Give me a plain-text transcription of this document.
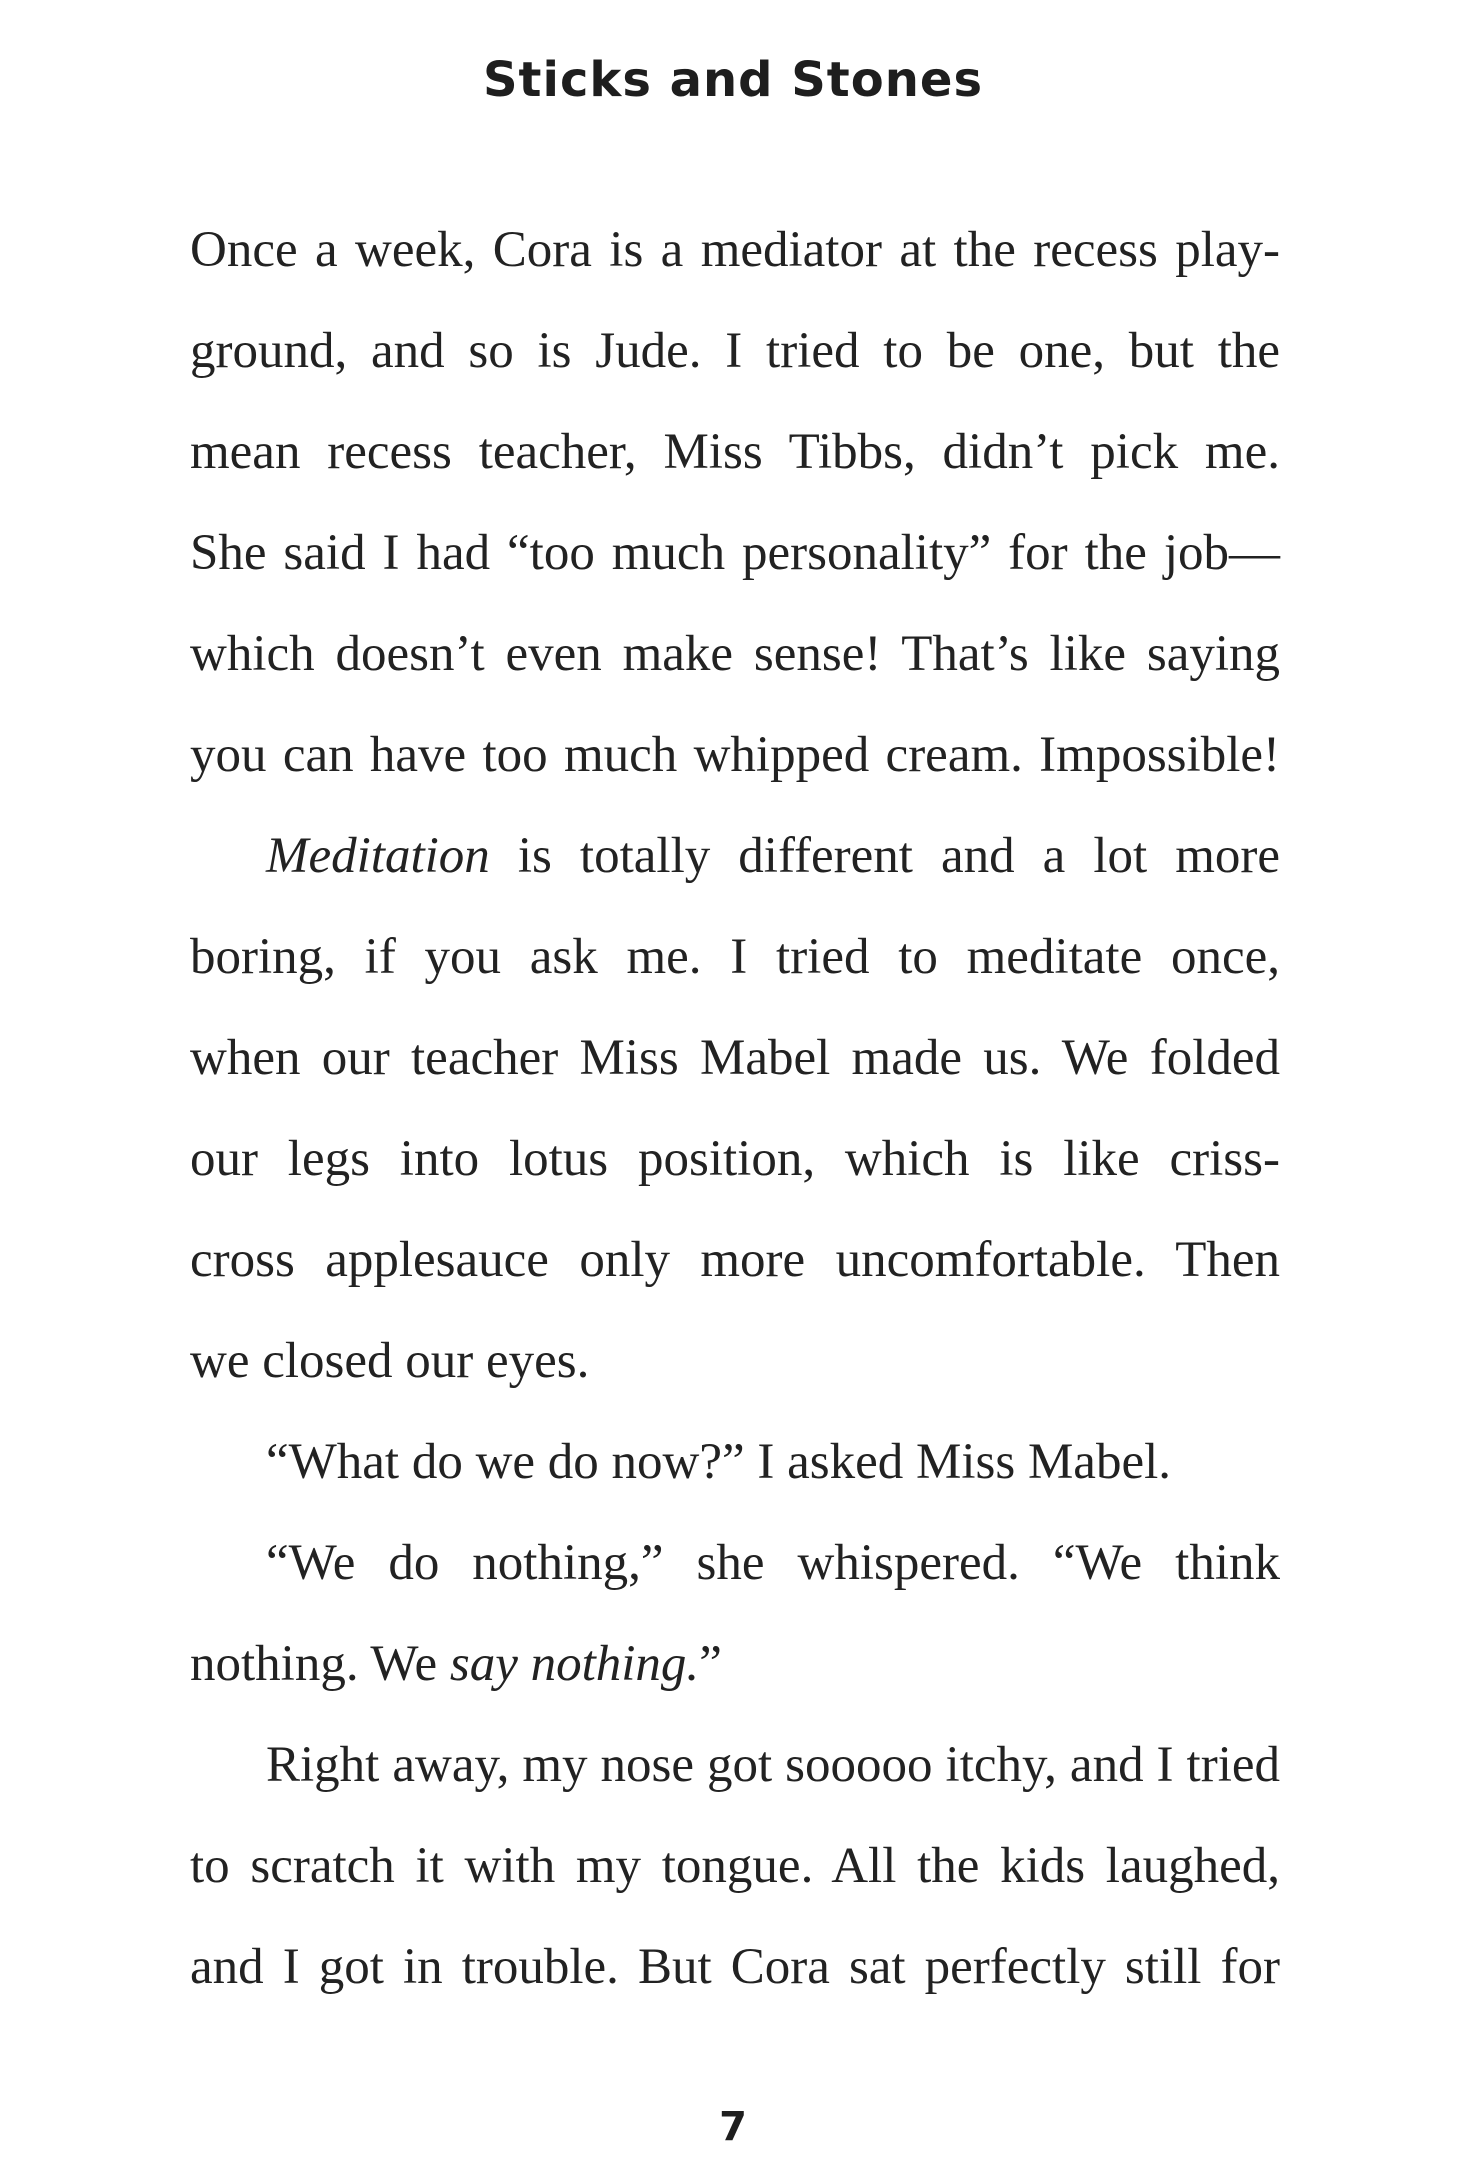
Sticks and Stones
Once a week, Cora is a mediator at the recess play-
ground, and so is Jude. I tried to be one, but the
mean recess teacher, Miss Tibbs, didn’t pick me.
She said I had “too much personality” for the job—
which doesn’t even make sense! That’s like saying
you can have too much whipped cream. Impossible!
Meditation is totally different and a lot more
boring, if you ask me. I tried to meditate once,
when our teacher Miss Mabel made us. We folded
our legs into lotus position, which is like criss-
cross applesauce only more uncomfortable. Then
we closed our eyes.
“What do we do now?” I asked Miss Mabel.
“We do nothing,” she whispered. “We think
nothing. We say nothing.”
Right away, my nose got sooooo itchy, and I tried
to scratch it with my tongue. All the kids laughed,
and I got in trouble. But Cora sat perfectly still for
7
